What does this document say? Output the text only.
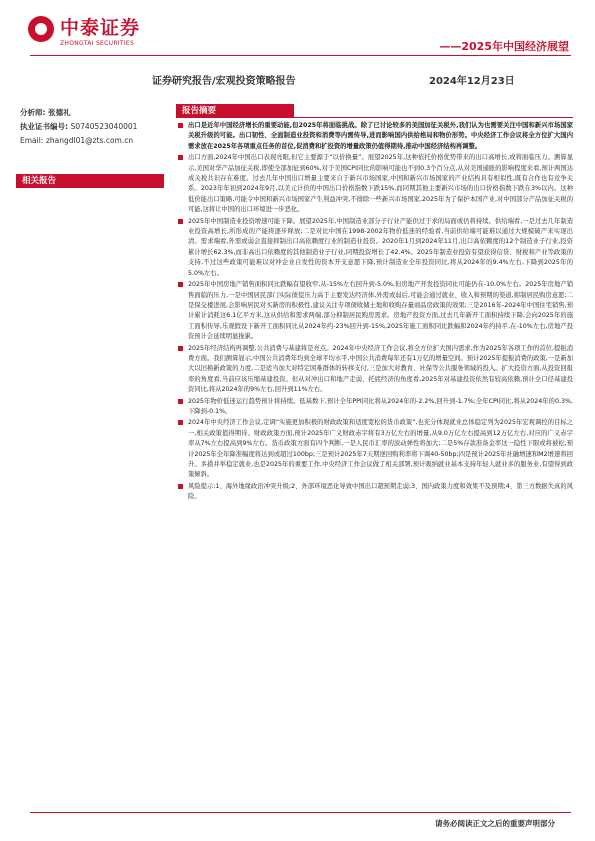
中泰证券
ZHONGTAI SECURITIES	——2025年中国经济展望
证券研究报告/宏观投资策略报告	2024年12月23日
分析师: 张德礼
执业证书编号: S0740523040001
Email: zhangdl01@zts.com.cn
相关报告
报告摘要
出口是近年中国经济增长的重要动能,但2025年将面临挑战。除了已讨论较多的美国加征关税外,我们认为也需要关注中国和新兴市场国家关税升级的可能。出口韧性、全面制造业投资和消费等内需传导,进而影响国内供给格局和物价形势。中央经济工作会议将全方位扩大国内需求放在2025年各项重点任务的首位,促消费和扩投资的增量政策仍值得期待,推动中国经济结构再调整。
出口方面,2024年中国出口表现亮眼,但它主要源于“以价换量”。展望2025年,这种依托价格优势带来的出口高增长,或将面临压力。测算显示,美国对华产品加征关税,即使全部加征到60%,对于美国CPI同比的影响可能也不到0.3个百分点,从对美国通胀的影响程度来看,预计两国达成关税共识存在难度。过去几年中国出口增量主要来自于新兴市场国家,中国和新兴市场国家的产业结构具有相似性,既有合作也有竞争关系。2023年年初到2024年9月,以美元计价的中国出口价格指数下跌15%,而同期其他主要新兴市场的出口价格指数下跌在3%以内。这种低价能出口策略,可能令中国和新兴市场国家产生利益冲突,不排除一些新兴市场国家,2025年为了保护本国产业,对中国部分产品加征关税的可能,这将让中国的出口环境进一步恶化。
2025年中国制造业投资增速可能下降。展望2025年,中国制造业部分子行业产能供过于求的局面或仍将持续。供给端看,一是过去几年制造业投资高增长,所形成的产能将逐步释放;二是对比中国在1998-2002年物价低迷的经验看,当前供给端可能难以通过大规模破产来实现出清。需求端看,外需或弱会直接抑制出口高依赖度行业的制造业投资。2020年1月到2024年11月,出口高依赖度的12个制造业子行业,投资累计增长62.3%,而非高出口依赖度的其他制造业子行业,同期投资增长了42.4%。2025年制造业投资有望获得信贷、财税和产业等政策的支持,不过这些政策可能难以对冲企业自发性的资本开支意愿下降,预计制造业全年投资同比,将从2024年的9.4%左右,下降到2025年的5.0%左右。
2025年中国房地产销售面积同比跌幅有望收窄,从-15%左右回升到-5.0%,但房地产开发投资同比可能仍在-10.0%左右。2025年房地产销售面临的压力,一是中国居民部门实际债偿压力高于主要发达经济体,外需或弱后,可能会通过就业、收入和预期的渠道,抑制居民购房意愿;二是保交楼进展,会影响居民对买新房的积极性,建议关注专项债收储土地和收购存量商品房政策的效果;三是2016年-2024年中国住宅销售,预计累计消耗这6.1亿平方米,这从供给和需求两端,部分抑制居民购房需求。房地产投资方面,过去几年新开工面积持续下降,会向2025年的施工面积传导,乐观假设下新开工面积同比从2024年约-23%回升到-15%,2025年施工面积同比跌幅和2024年约持平,在-10%左右,房地产投资预计会延续明显拖累。
2025年经济结构再调整,公共消费与基建将是亮点。2024年中央经济工作会议,将全方位扩大国内需求,作为2025年各项工作的首位,提振消费方面。我们测算显示,中国公共消费年均到全球平均水平,中国公共消费每年还有1万亿的增量空间。预计2025年提振消费的政策,一是新加大以旧换新政策的力度,二是适当加大对特定困难群体的转移支付,三是加大对教育、社保等公共服务领域的投入。扩大投资方面,从投资回报率的角度看,当前应该压缩基建投资。但从对冲出口和地产走弱、托底经济的角度看,2025年对基建投资依然有较高依赖,预计全口径基建投资同比,将从2024年的9%左右,回升到11%左右。
2025年物价低迷运行趋势预计将持续。低基数下,预计全年PPI同比将从2024年的-2.2%,回升到-1.7%;全年CPI同比,将从2024年的0.3%,下降到-0.1%。
2024年中央经济工作会议,定调“实施更加积极的财政政策和适度宽松的货币政策”,也充分体现就业总体稳定列为2025年宏观调控的目标之一,相关政策值得期待。财政政策方面,预计2025年广义财政赤字将有3万亿左右的增量,从9.0万亿左右提高到12万亿左右,对应的广义赤字率从7%左右提高到9%左右。货币政策方面有四个判断,一是人民币汇率的波动弹性将加大;二是5%存款准备金率这一隐性下限或将被松,预计2025年全年降准幅度将达到或超过100bp;三是预计2025年7天期逆回购利率将下调40-50bp;四是预计2025年社融增速和M2增速将回升。多措并举稳定就业,也是2025年的重要工作,中央经济工作会议做了相关部署,预计吸纳就业基本支持年轻人就业多的服务业,有望得到政策倾斜。
风险提示:1、海外地缘政治冲突升级;2、外部环境恶化导致中国出口超预期走弱;3、国内政策力度和效果不及预期;4、第三方数据失真的风险。
请务必阅读正文之后的重要声明部分
